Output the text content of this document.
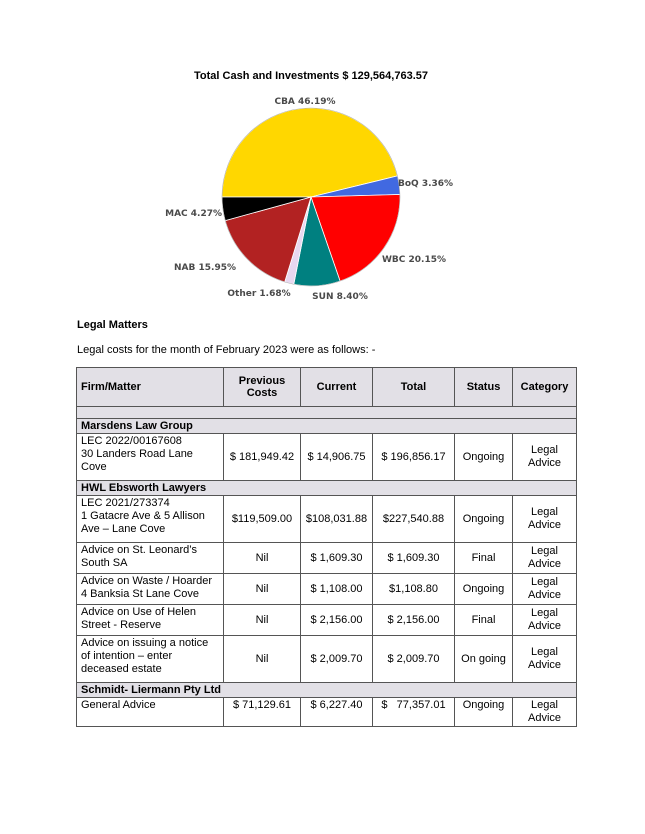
Total Cash and Investments $ 129,564,763.57
CBA 46.19%
BoQ 3.36%
WBC 20.15%
SUN 8.40%
Other 1.68%
NAB 15.95%
MAC 4.27%
Legal Matters
Legal costs for the month of February 2023 were as follows: -
Firm/Matter	Previous Costs	Current	Total	Status	Category

Marsdens Law Group					

LEC 2022/00167608
30 Landers Road Lane Cove	$ 181,949.42	$ 14,906.75	$ 196,856.17	Ongoing	Legal Advice
HWL Ebsworth Lawyers					

LEC 2021/273374
1 Gatacre Ave & 5 Allison Ave – Lane Cove	$119,509.00	$108,031.88	$227,540.88	Ongoing	Legal Advice
Advice on St. Leonard’s South SA	Nil	$ 1,609.30	$ 1,609.30	Final	Legal Advice
Advice on Waste / Hoarder 4 Banksia St Lane Cove	Nil	$ 1,108.00	$1,108.80	Ongoing	Legal Advice
Advice on Use of Helen Street - Reserve	Nil	$ 2,156.00	$ 2,156.00	Final	Legal Advice
Advice on issuing a notice of intention – enter deceased estate	Nil	$ 2,009.70	$ 2,009.70	On going	Legal Advice
Schmidt- Liermann Pty Ltd					
General Advice	$ 71,129.61	$ 6,227.40	$   77,357.01	Ongoing	Legal Advice
